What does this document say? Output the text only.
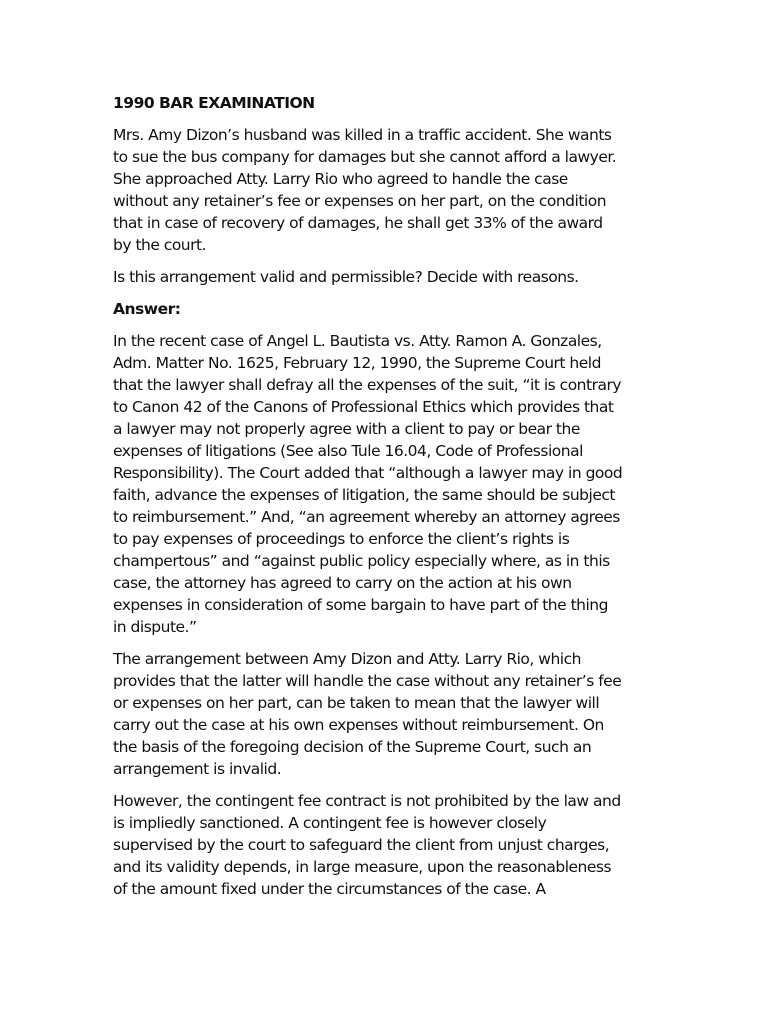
1990 BAR EXAMINATION
Mrs. Amy Dizon’s husband was killed in a traffic accident. She wants
to sue the bus company for damages but she cannot afford a lawyer.
She approached Atty. Larry Rio who agreed to handle the case
without any retainer’s fee or expenses on her part, on the condition
that in case of recovery of damages, he shall get 33% of the award
by the court.
Is this arrangement valid and permissible? Decide with reasons.
Answer:
In the recent case of Angel L. Bautista vs. Atty. Ramon A. Gonzales,
Adm. Matter No. 1625, February 12, 1990, the Supreme Court held
that the lawyer shall defray all the expenses of the suit, “it is contrary
to Canon 42 of the Canons of Professional Ethics which provides that
a lawyer may not properly agree with a client to pay or bear the
expenses of litigations (See also Tule 16.04, Code of Professional
Responsibility). The Court added that “although a lawyer may in good
faith, advance the expenses of litigation, the same should be subject
to reimbursement.” And, “an agreement whereby an attorney agrees
to pay expenses of proceedings to enforce the client’s rights is
champertous” and “against public policy especially where, as in this
case, the attorney has agreed to carry on the action at his own
expenses in consideration of some bargain to have part of the thing
in dispute.”
The arrangement between Amy Dizon and Atty. Larry Rio, which
provides that the latter will handle the case without any retainer’s fee
or expenses on her part, can be taken to mean that the lawyer will
carry out the case at his own expenses without reimbursement. On
the basis of the foregoing decision of the Supreme Court, such an
arrangement is invalid.
However, the contingent fee contract is not prohibited by the law and
is impliedly sanctioned. A contingent fee is however closely
supervised by the court to safeguard the client from unjust charges,
and its validity depends, in large measure, upon the reasonableness
of the amount fixed under the circumstances of the case. A
